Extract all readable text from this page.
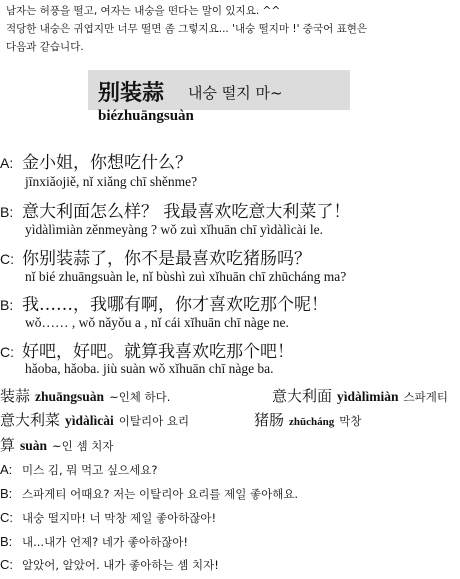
남자는 허풍을 떨고, 여자는 내숭을 떤다는 말이 있지요. ^^
적당한 내숭은 귀엽지만 너무 떨면 좀 그렇지요... '내숭 떨지마 !' 중국어 표현은
다음과 같습니다.
别装蒜 내숭 떨지 마~
biézhuāngsuàn
A: 金小姐，你想吃什么？
jīnxiǎojiě, nǐ xiǎng chī shěnme?
B: 意大利面怎么样？ 我最喜欢吃意大利菜了！
yìdàlìmiàn zěnmeyàng ? wǒ zuì xǐhuān chī yìdàlìcài le.
C: 你别装蒜了，你不是最喜欢吃猪肠吗？
nǐ bié zhuāngsuàn le, nǐ bùshì zuì xǐhuān chī zhūcháng ma?
B: 我……，我哪有啊，你才喜欢吃那个呢！
wǒ…… , wǒ nǎyǒu a , nǐ cái xǐhuān chī nàge ne.
C: 好吧，好吧。就算我喜欢吃那个吧！
hǎoba, hǎoba. jiù suàn wǒ xǐhuān chī nàge ba.
装蒜 zhuāngsuàn ~인체 하다.	意大利面 yìdàlìmiàn 스파게티
意大利菜 yìdàlìcài 이탈리아 요리	猪肠 zhūcháng 막창
算 suàn ~인 셈 치자
A: 미스 김, 뭐 먹고 싶으세요?
B: 스파게티 어때요? 저는 이탈리아 요리를 제일 좋아해요.
C: 내숭 떨지마! 너 막창 제일 좋아하잖아!
B: 내...내가 언제? 네가 좋아하잖아!
C: 알았어, 알았어. 내가 좋아하는 셈 치자!
